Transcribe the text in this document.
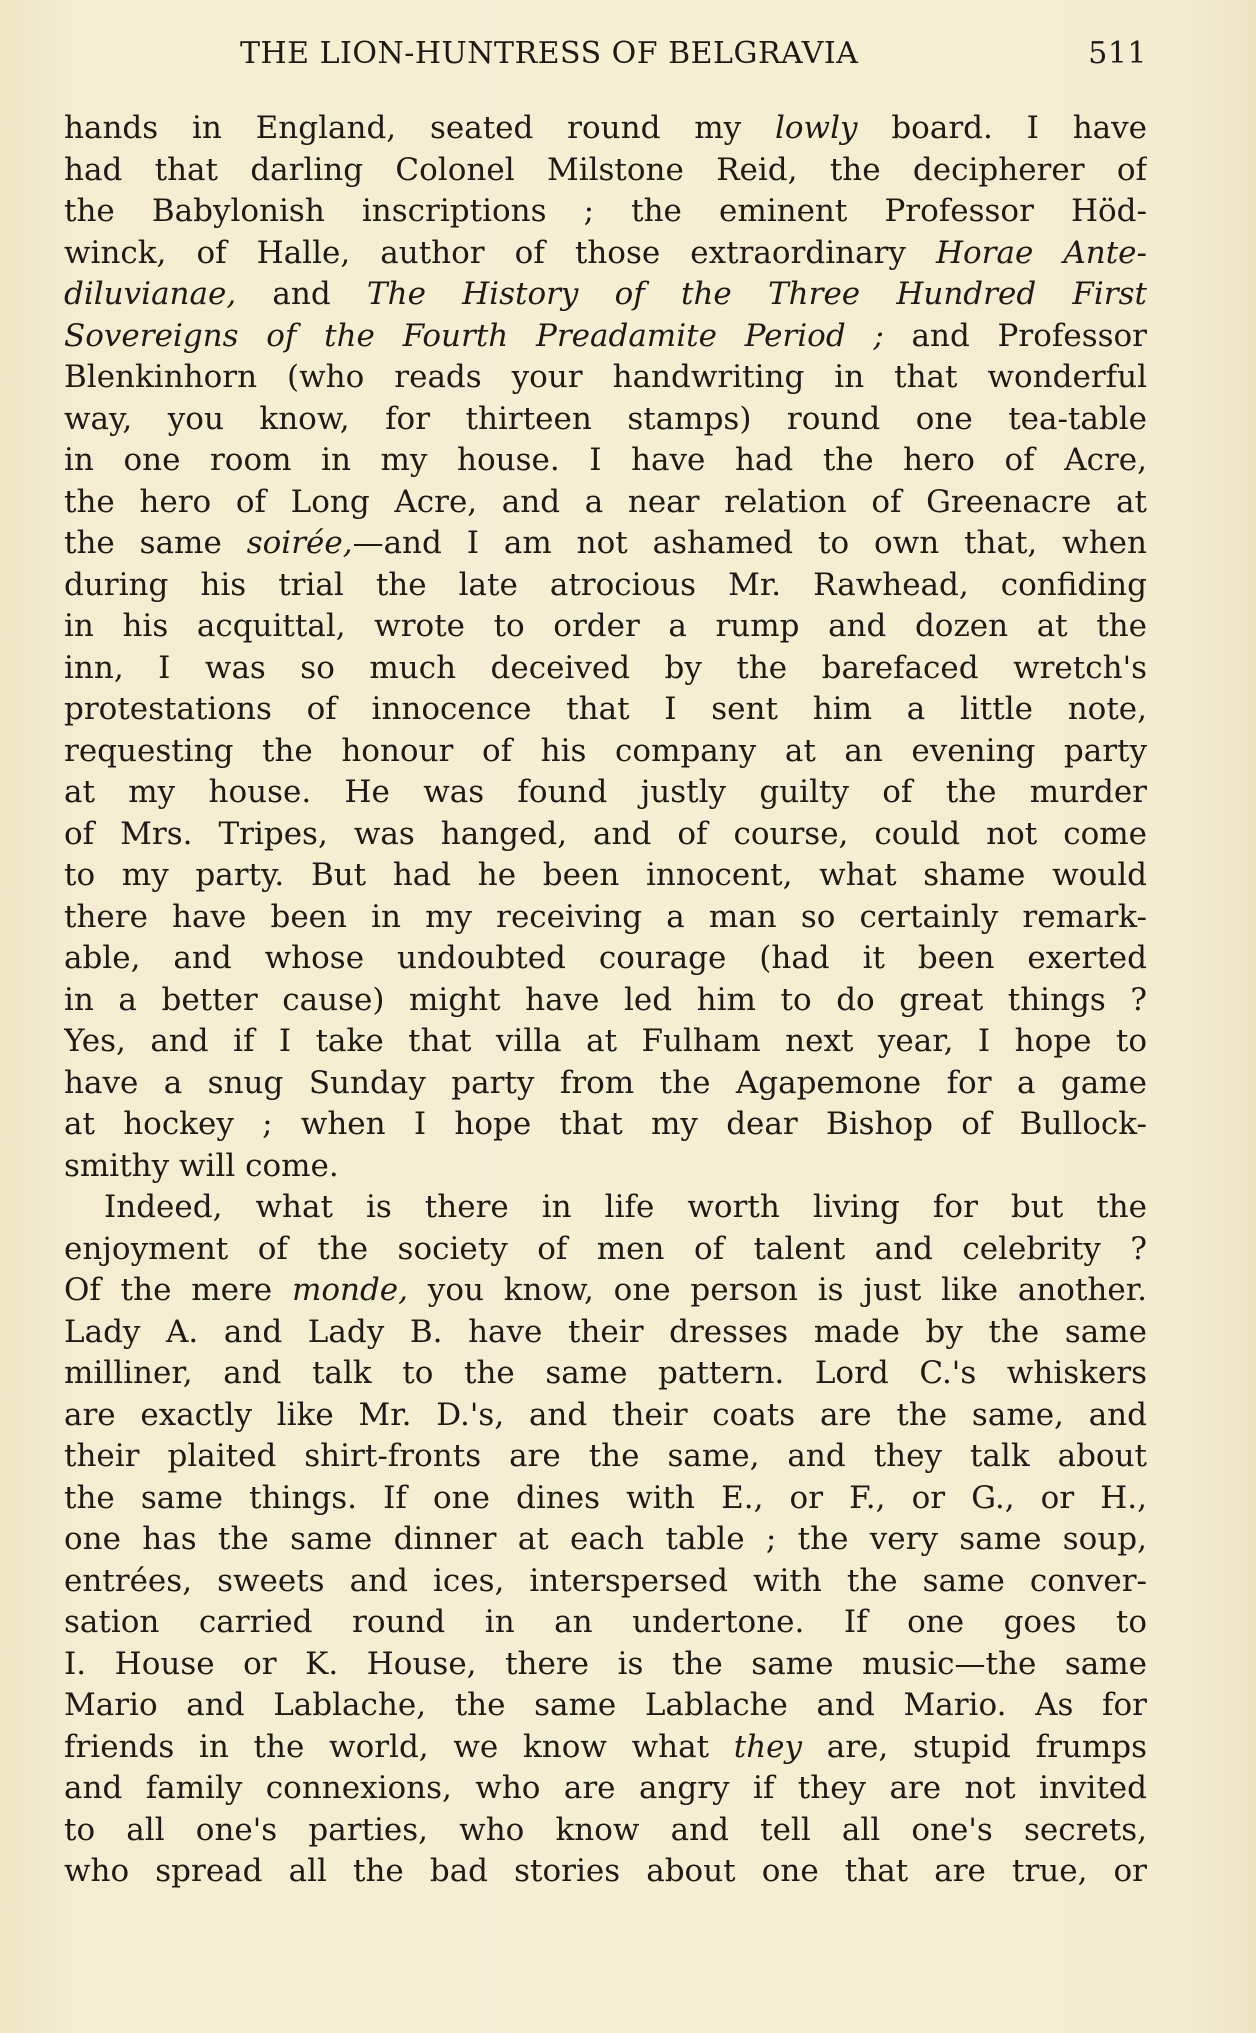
THE LION-HUNTRESS OF BELGRAVIA	511
hands in England, seated round my lowly board. I have
had that darling Colonel Milstone Reid, the decipherer of
the Babylonish inscriptions ; the eminent Professor Höd-
winck, of Halle, author of those extraordinary Horae Ante-
diluvianae, and The History of the Three Hundred First
Sovereigns of the Fourth Preadamite Period ; and Professor
Blenkinhorn (who reads your handwriting in that wonderful
way, you know, for thirteen stamps) round one tea-table
in one room in my house. I have had the hero of Acre,
the hero of Long Acre, and a near relation of Greenacre at
the same soirée,—and I am not ashamed to own that, when
during his trial the late atrocious Mr. Rawhead, confiding
in his acquittal, wrote to order a rump and dozen at the
inn, I was so much deceived by the barefaced wretch's
protestations of innocence that I sent him a little note,
requesting the honour of his company at an evening party
at my house. He was found justly guilty of the murder
of Mrs. Tripes, was hanged, and of course, could not come
to my party. But had he been innocent, what shame would
there have been in my receiving a man so certainly remark-
able, and whose undoubted courage (had it been exerted
in a better cause) might have led him to do great things ?
Yes, and if I take that villa at Fulham next year, I hope to
have a snug Sunday party from the Agapemone for a game
at hockey ; when I hope that my dear Bishop of Bullock-
smithy will come.
Indeed, what is there in life worth living for but the
enjoyment of the society of men of talent and celebrity ?
Of the mere monde, you know, one person is just like another.
Lady A. and Lady B. have their dresses made by the same
milliner, and talk to the same pattern. Lord C.'s whiskers
are exactly like Mr. D.'s, and their coats are the same, and
their plaited shirt-fronts are the same, and they talk about
the same things. If one dines with E., or F., or G., or H.,
one has the same dinner at each table ; the very same soup,
entrées, sweets and ices, interspersed with the same conver-
sation carried round in an undertone. If one goes to
I. House or K. House, there is the same music—the same
Mario and Lablache, the same Lablache and Mario. As for
friends in the world, we know what they are, stupid frumps
and family connexions, who are angry if they are not invited
to all one's parties, who know and tell all one's secrets,
who spread all the bad stories about one that are true, or
